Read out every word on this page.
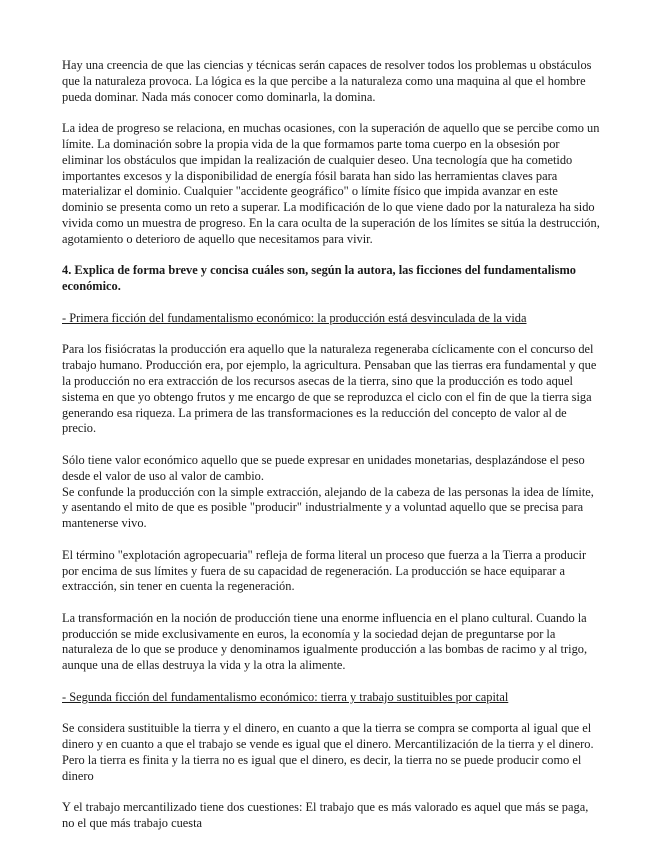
Hay una creencia de que las ciencias y técnicas serán capaces de resolver todos los problemas u obstáculos que la naturaleza provoca. La lógica es la que percibe a la naturaleza como una maquina al que el hombre pueda dominar. Nada más conocer como dominarla, la domina.

La idea de progreso se relaciona, en muchas ocasiones, con la superación de aquello que se percibe como un límite. La dominación sobre la propia vida de la que formamos parte toma cuerpo en la obsesión por eliminar los obstáculos que impidan la realización de cualquier deseo. Una tecnología que ha cometido importantes excesos y la disponibilidad de energía fósil barata han sido las herramientas claves para materializar el dominio. Cualquier "accidente geográfico" o límite físico que impida avanzar en este dominio se presenta como un reto a superar. La modificación de lo que viene dado por la naturaleza ha sido vivida como un muestra de progreso. En la cara oculta de la superación de los límites se sitúa la destrucción, agotamiento o deterioro de aquello que necesitamos para vivir.

4. Explica de forma breve y concisa cuáles son, según la autora, las ficciones del fundamentalismo económico.
- Primera ficción del fundamentalismo económico: la producción está desvinculada de la vida

Para los fisiócratas la producción era aquello que la naturaleza regeneraba cíclicamente con el concurso del trabajo humano. Producción era, por ejemplo, la agricultura. Pensaban que las tierras era fundamental y que la producción no era extracción de los recursos asecas de la tierra, sino que la producción es todo aquel sistema en que yo obtengo frutos y me encargo de que se reproduzca el ciclo con el fin de que la tierra siga generando esa riqueza. La primera de las transformaciones es la reducción del concepto de valor al de precio.

Sólo tiene valor económico aquello que se puede expresar en unidades monetarias, desplazándose el peso desde el valor de uso al valor de cambio.

Se confunde la producción con la simple extracción, alejando de la cabeza de las personas la idea de límite, y asentando el mito de que es posible "producir" industrialmente y a voluntad aquello que se precisa para mantenerse vivo.

El término "explotación agropecuaria" refleja de forma literal un proceso que fuerza a la Tierra a producir por encima de sus límites y fuera de su capacidad de regeneración. La producción se hace equiparar a extracción, sin tener en cuenta la regeneración.

La transformación en la noción de producción tiene una enorme influencia en el plano cultural. Cuando la producción se mide exclusivamente en euros, la economía y la sociedad dejan de preguntarse por la naturaleza de lo que se produce y denominamos igualmente producción a las bombas de racimo y al trigo, aunque una de ellas destruya la vida y la otra la alimente.

- Segunda ficción del fundamentalismo económico: tierra y trabajo sustituibles por capital

Se considera sustituible la tierra y el dinero, en cuanto a que la tierra se compra se comporta al igual que el dinero y en cuanto a que el trabajo se vende es igual que el dinero. Mercantilización de la tierra y el dinero. Pero la tierra es finita y la tierra no es igual que el dinero, es decir, la tierra no se puede producir como el dinero

Y el trabajo mercantilizado tiene dos cuestiones: El trabajo que es más valorado es aquel que más se paga, no el que más trabajo cuesta
